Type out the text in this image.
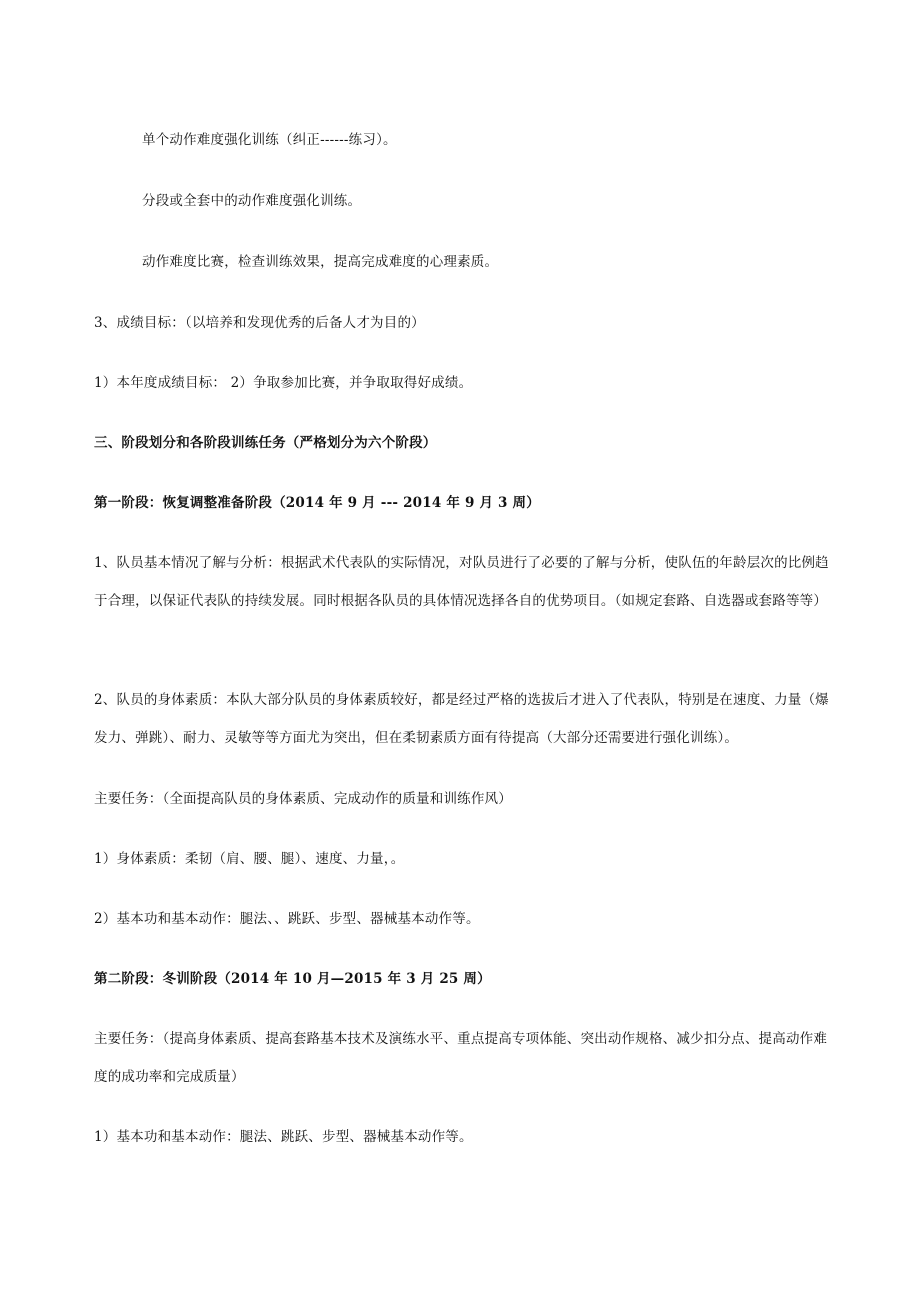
单个动作难度强化训练（纠正------练习）。
分段或全套中的动作难度强化训练。
动作难度比赛，检查训练效果，提高完成难度的心理素质。
3、成绩目标：（以培养和发现优秀的后备人才为目的）
1）本年度成绩目标： 2）争取参加比赛，并争取取得好成绩。
三、阶段划分和各阶段训练任务（严格划分为六个阶段）
第一阶段：恢复调整准备阶段（2014 年 9 月 --- 2014 年 9 月 3 周）
1、队员基本情况了解与分析：根据武术代表队的实际情况，对队员进行了必要的了解与分析，使队伍的年龄层次的比例趋于合理，以保证代表队的持续发展。同时根据各队员的具体情况选择各自的优势项目。（如规定套路、自选器或套路等等）
2、队员的身体素质：本队大部分队员的身体素质较好，都是经过严格的选拔后才进入了代表队，特别是在速度、力量（爆发力、弹跳）、耐力、灵敏等等方面尤为突出，但在柔韧素质方面有待提高（大部分还需要进行强化训练）。
主要任务：（全面提高队员的身体素质、完成动作的质量和训练作风）
1）身体素质：柔韧（肩、腰、腿）、速度、力量，。
2）基本功和基本动作：腿法、、跳跃、步型、器械基本动作等。
第二阶段：冬训阶段（2014 年 10 月—2015 年 3 月 25 周）
主要任务：（提高身体素质、提高套路基本技术及演练水平、重点提高专项体能、突出动作规格、减少扣分点、提高动作难度的成功率和完成质量）
1）基本功和基本动作：腿法、跳跃、步型、器械基本动作等。
